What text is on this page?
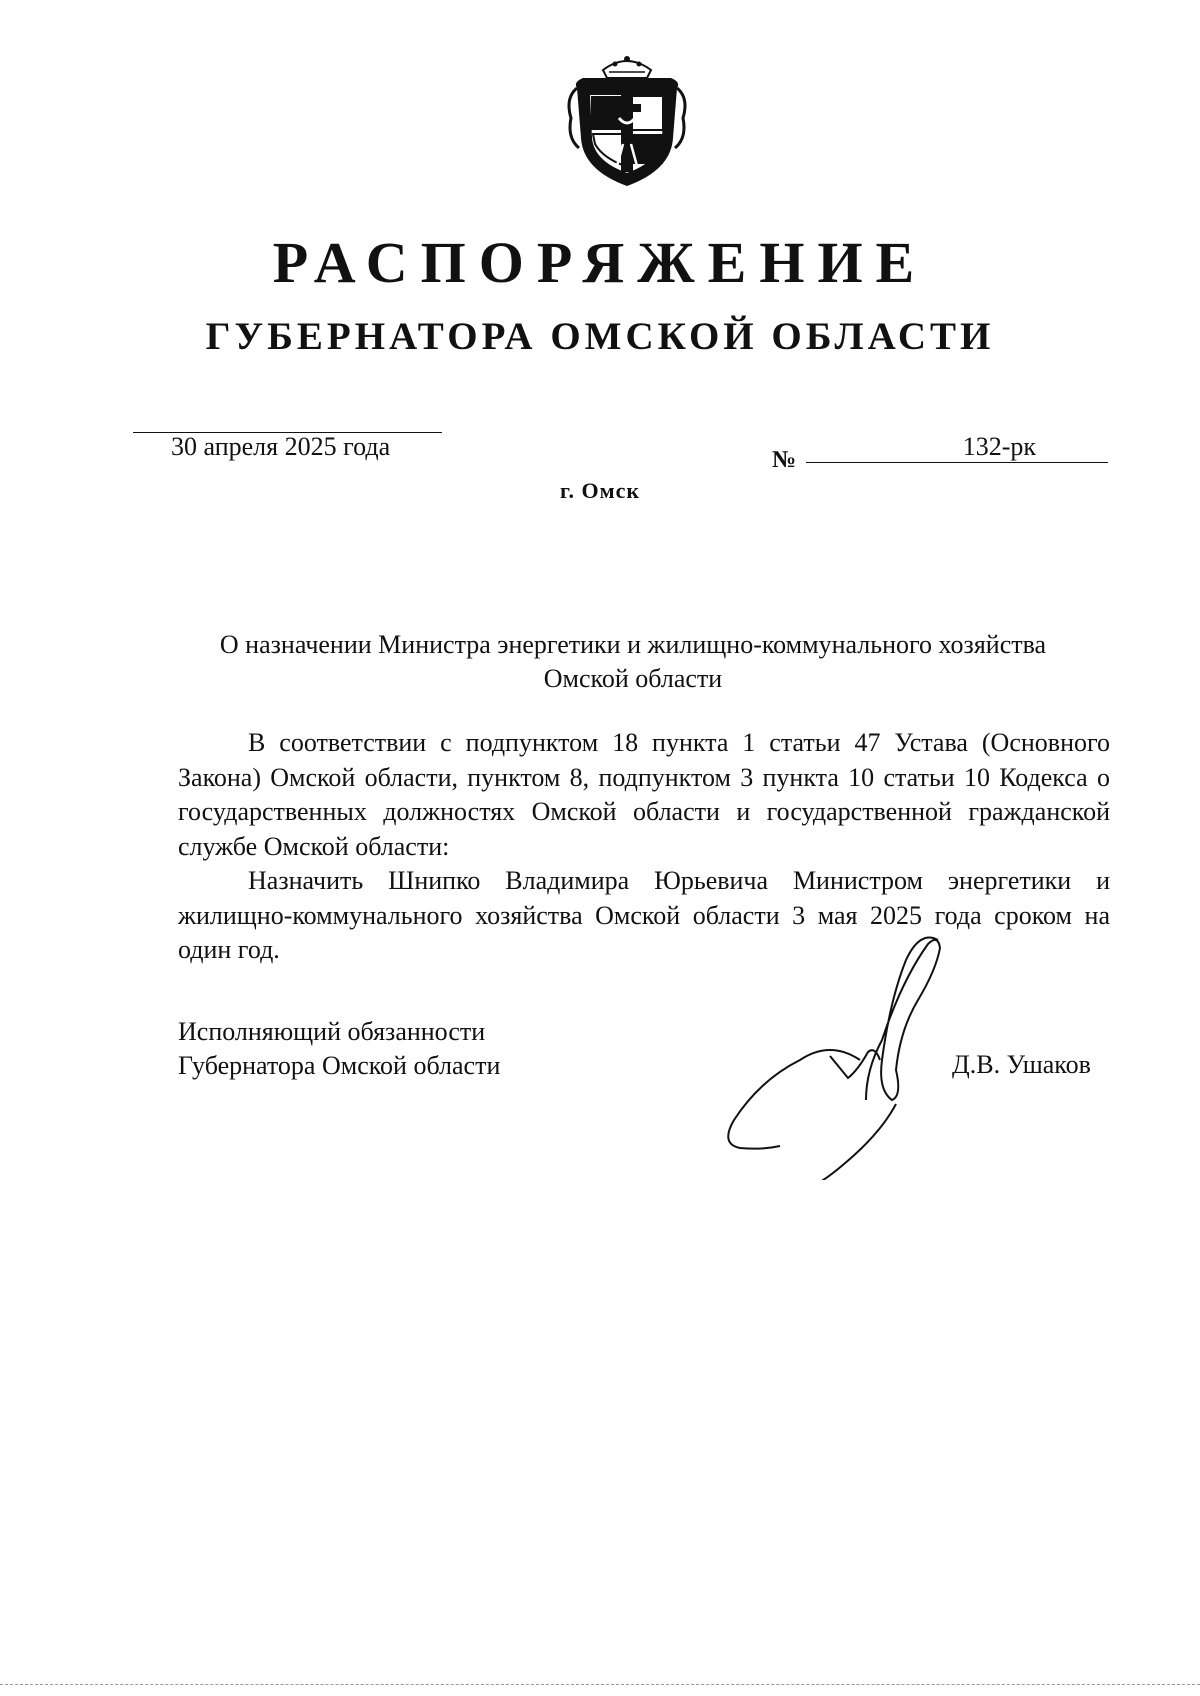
РАСПОРЯЖЕНИЕ
ГУБЕРНАТОРА ОМСКОЙ ОБЛАСТИ
30 апреля 2025 года	№	132-рк
г. Омск
О назначении Министра энергетики и жилищно-коммунального хозяйства
Омской области

В соответствии с подпунктом 18 пункта 1 статьи 47 Устава (Основного Закона) Омской области, пунктом 8, подпунктом 3 пункта 10 статьи 10 Кодекса о государственных должностях Омской области и государственной гражданской службе Омской области:

Назначить Шнипко Владимира Юрьевича Министром энергетики и жилищно-коммунального хозяйства Омской области 3 мая 2025 года сроком на один год.

Исполняющий обязанности
Губернатора Омской области	Д.В. Ушаков
